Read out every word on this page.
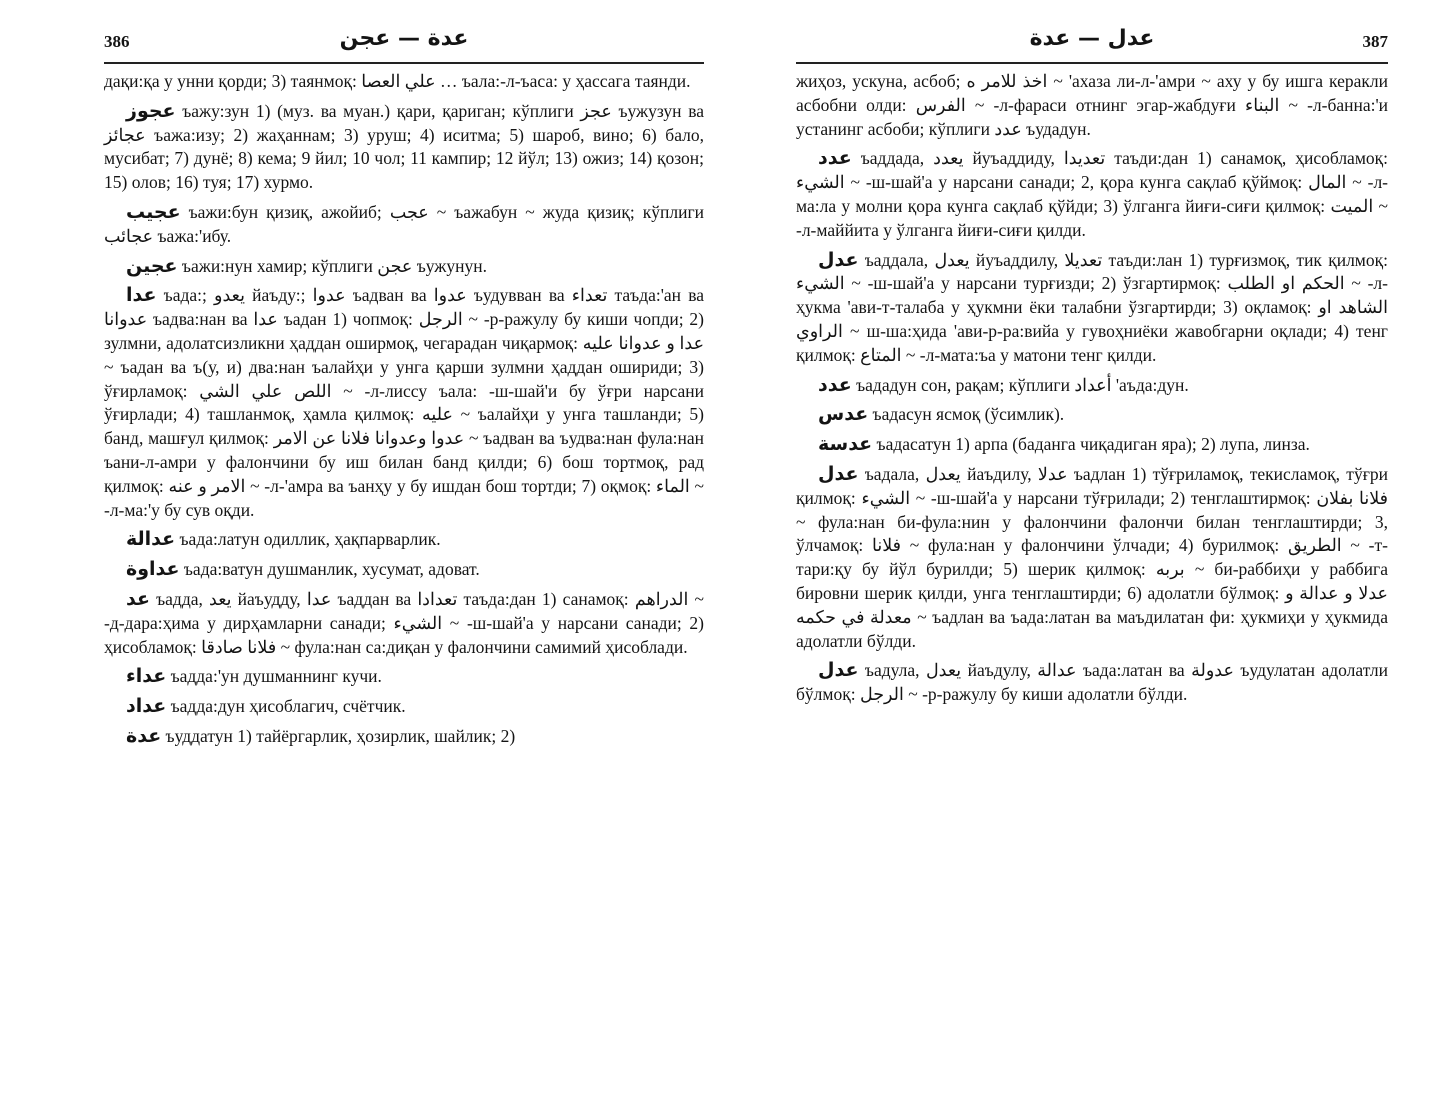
386	عدة — عجن

дақи:қа у унни қорди; 3) таянмоқ: علي العصا … ъала:-л-ъаса: у ҳассага таянди.

عجوز ъажу:зун 1) (муз. ва муан.) қари, қариган; кўплиги عجز ъужузун ва عجائز ъажа:изу; 2) жаҳаннам; 3) уруш; 4) иситма; 5) шароб, вино; 6) бало, мусибат; 7) дунё; 8) кема; 9 йил; 10 чол; 11 кампир; 12 йўл; 13) ожиз; 14) қозон; 15) олов; 16) туя; 17) хурмо.

عجيب ъажи:бун қизиқ, ажойиб; عجب ~ ъажабун ~ жуда қизиқ; кўплиги عجائب ъажа:'ибу.

عجين ъажи:нун хамир; кўплиги عجن ъужунун.

عدا ъада:; يعدو йаъду:; عدوا ъадван ва عدوا ъудувван ва تعداء таъда:'ан ва عدوانا ъадва:нан ва عدا ъадан 1) чопмоқ: الرجل ~ -р-ражулу бу киши чопди; 2) зулмни, адолатсизликни ҳаддан оширмоқ, чегарадан чиқармоқ: عدا و عدوانا عليه ~ ъадан ва ъ(у, и) два:нан ъалайҳи у унга қарши зулмни ҳаддан ошириди; 3) ўғирламоқ: اللص علي الشي ~ -л-лиссу ъала: -ш-шай'и бу ўғри нарсани ўғирлади; 4) ташланмоқ, ҳамла қилмоқ: عليه ~ ъалайҳи у унга ташланди; 5) банд, машғул қилмоқ: عدوا وعدوانا فلانا عن الامر ~ ъадван ва ъудва:нан фула:нан ъани-л-амри у фалончини бу иш билан банд қилди; 6) бош тортмоқ, рад қилмоқ: الامر و عنه ~ -л-'амра ва ъанҳу у бу ишдан бош тортди; 7) оқмоқ: الماء ~ -л-ма:'у бу сув оқди.

عدالة ъада:латун одиллик, ҳақпарварлик.

عداوة ъада:ватун душманлик, хусумат, адоват.

عد ъадда, يعد йаъудду, عدا ъаддан ва تعدادا таъда:дан 1) санамоқ: الدراهم ~ -д-дара:ҳима у дирҳамларни санади; الشيء ~ -ш-шай'а у нарсани санади; 2) ҳисобламоқ: فلانا صادقا ~ фула:нан са:диқан у фалончини самимий ҳисоблади.

عداء ъадда:'ун душманнинг кучи.

عداد ъадда:дун ҳисоблагич, счётчик.

عدة ъуддатун 1) тайёргарлик, ҳозирлик, шайлик; 2)

عدل — عدة	387

жиҳоз, ускуна, асбоб; اخذ للامر ه ~ 'ахаза ли-л-'амри ~ аху у бу ишга керакли асбобни олди: الفرس ~ -л-фараси отнинг эгар-жабдуғи البناء ~ -л-банна:'и устанинг асбоби; кўплиги عدد ъудадун.

عدد ъаддада, يعدد йуъаддиду, تعديدا таъди:дан 1) санамоқ, ҳисобламоқ: الشيء ~ -ш-шай'а у нарсани санади; 2, қора кунга сақлаб қўймоқ: المال ~ -л-ма:ла у молни қора кунга сақлаб қўйди; 3) ўлганга йиғи-сиғи қилмоқ: الميت ~ -л-маййита у ўлганга йиғи-сиғи қилди.

عدل ъаддала, يعدل йуъаддилу, تعديلا таъди:лан 1) турғизмоқ, тик қилмоқ: الشيء ~ -ш-шай'а у нарсани турғизди; 2) ўзгартирмоқ: الحكم او الطلب ~ -л-ҳукма 'ави-т-талаба у ҳукмни ёки талабни ўзгартирди; 3) оқламоқ: الشاهد او الراوي ~ ш-ша:ҳида 'ави-р-ра:вийа у гувоҳниёки жавобгарни оқлади; 4) тенг қилмоқ: المتاع ~ -л-мата:ъа у матони тенг қилди.

عدد ъададун сон, рақам; кўплиги أعداد 'аъда:дун.

عدس ъадасун ясмоқ (ўсимлик).

عدسة ъадасатун 1) арпа (баданга чиқадиган яра); 2) лупа, линза.

عدل ъадала, يعدل йаъдилу, عدلا ъадлан 1) тўғриламоқ, текисламоқ, тўғри қилмоқ: الشيء ~ -ш-шай'а у нарсани тўғрилади; 2) тенглаштирмоқ: فلانا بفلان ~ фула:нан би-фула:нин у фалончини фалончи билан тенглаштирди; 3, ўлчамоқ: فلانا ~ фула:нан у фалончини ўлчади; 4) бурилмоқ: الطريق ~ -т-тари:қу бу йўл бурилди; 5) шерик қилмоқ: بربه ~ би-раббиҳи у раббига бировни шерик қилди, унга тенглаштирди; 6) адолатли бўлмоқ: عدلا و عدالة و معدلة في حكمه ~ ъадлан ва ъада:латан ва маъдилатан фи: ҳукмиҳи у ҳукмида адолатли бўлди.

عدل ъадула, يعدل йаъдулу, عدالة ъада:латан ва عدولة ъудулатан адолатли бўлмоқ: الرجل ~ -р-ражулу бу киши адолатли бўлди.
